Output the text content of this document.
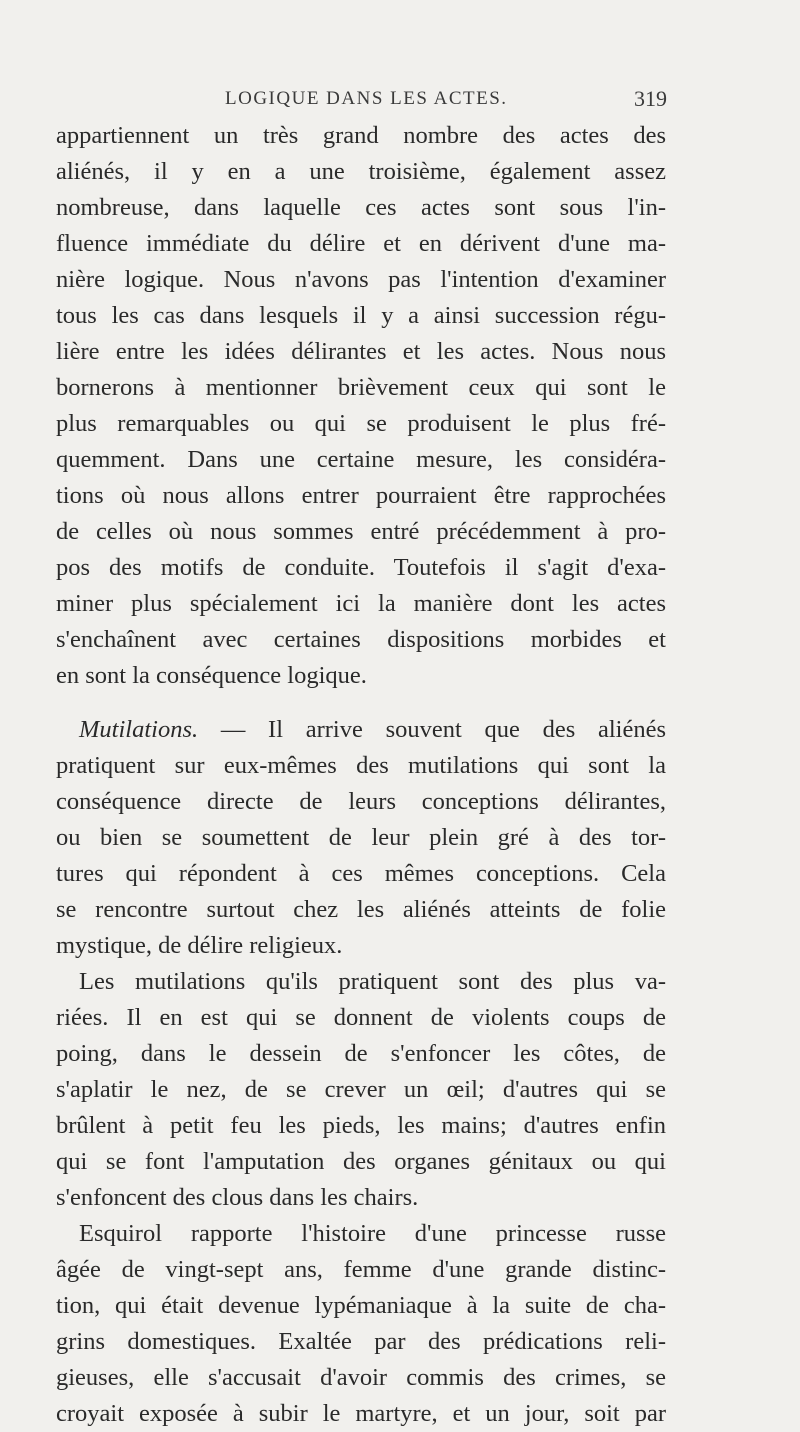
LOGIQUE DANS LES ACTES.	319
appartiennent un très grand nombre des actes des
aliénés, il y en a une troisième, également assez
nombreuse, dans laquelle ces actes sont sous l'in-
fluence immédiate du délire et en dérivent d'une ma-
nière logique. Nous n'avons pas l'intention d'examiner
tous les cas dans lesquels il y a ainsi succession régu-
lière entre les idées délirantes et les actes. Nous nous
bornerons à mentionner brièvement ceux qui sont le
plus remarquables ou qui se produisent le plus fré-
quemment. Dans une certaine mesure, les considéra-
tions où nous allons entrer pourraient être rapprochées
de celles où nous sommes entré précédemment à pro-
pos des motifs de conduite. Toutefois il s'agit d'exa-
miner plus spécialement ici la manière dont les actes
s'enchaînent avec certaines dispositions morbides et
en sont la conséquence logique.
Mutilations. — Il arrive souvent que des aliénés
pratiquent sur eux-mêmes des mutilations qui sont la
conséquence directe de leurs conceptions délirantes,
ou bien se soumettent de leur plein gré à des tor-
tures qui répondent à ces mêmes conceptions. Cela
se rencontre surtout chez les aliénés atteints de folie
mystique, de délire religieux.
Les mutilations qu'ils pratiquent sont des plus va-
riées. Il en est qui se donnent de violents coups de
poing, dans le dessein de s'enfoncer les côtes, de
s'aplatir le nez, de se crever un œil; d'autres qui se
brûlent à petit feu les pieds, les mains; d'autres enfin
qui se font l'amputation des organes génitaux ou qui
s'enfoncent des clous dans les chairs.
Esquirol rapporte l'histoire d'une princesse russe
âgée de vingt-sept ans, femme d'une grande distinc-
tion, qui était devenue lypémaniaque à la suite de cha-
grins domestiques. Exaltée par des prédications reli-
gieuses, elle s'accusait d'avoir commis des crimes, se
croyait exposée à subir le martyre, et un jour, soit par
